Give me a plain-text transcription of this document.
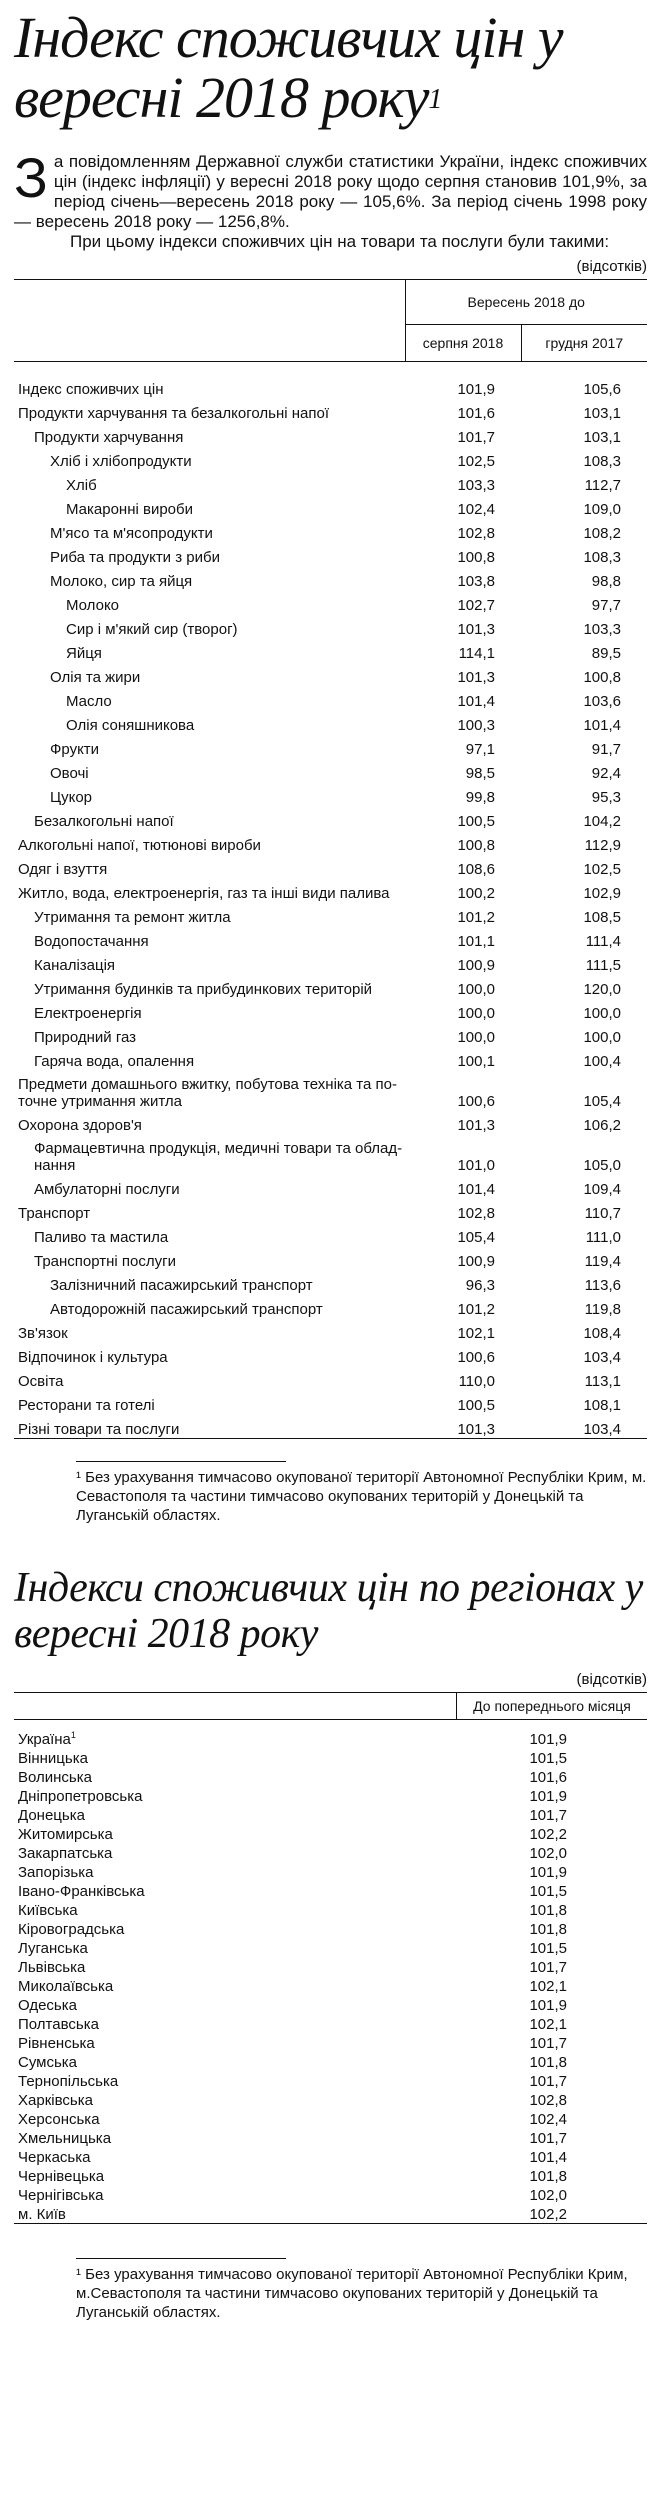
Індекс споживчих цін у вересні 2018 року$^1$

За повідомленням Державної служби статистики України, індекс споживчих цін (індекс інфляції) у вересні 2018 року щодо серпня становив 101,9%, за період січень—вересень 2018 року — 105,6%. За період січень 1998 року — вересень 2018 року — 1256,8%.

При цьому індекси споживчих цін на товари та послуги були такими:

(відсотків)
	Вересень 2018 до	
	серпня 2018	грудня 2017
Індекс споживчих цін	101,9	105,6
Продукти харчування та безалкогольні напої	101,6	103,1
Продукти харчування	101,7	103,1
Хліб і хлібопродукти	102,5	108,3
Хліб	103,3	112,7
Макаронні вироби	102,4	109,0
М'ясо та м'ясопродукти	102,8	108,2
Риба та продукти з риби	100,8	108,3
Молоко, сир та яйця	103,8	98,8
Молоко	102,7	97,7
Сир і м'який сир (творог)	101,3	103,3
Яйця	114,1	89,5
Олія та жири	101,3	100,8
Масло	101,4	103,6
Олія соняшникова	100,3	101,4
Фрукти	97,1	91,7
Овочі	98,5	92,4
Цукор	99,8	95,3
Безалкогольні напої	100,5	104,2
Алкогольні напої, тютюнові вироби	100,8	112,9
Одяг і взуття	108,6	102,5
Житло, вода, електроенергія, газ та інші види палива	100,2	102,9
Утримання та ремонт житла	101,2	108,5
Водопостачання	101,1	111,4
Каналізація	100,9	111,5
Утримання будинків та прибудинкових територій	100,0	120,0
Електроенергія	100,0	100,0
Природний газ	100,0	100,0
Гаряча вода, опалення	100,1	100,4
Предмети домашнього вжитку, побутова техніка та поточне утримання житла	100,6	105,4
Охорона здоров'я	101,3	106,2
Фармацевтична продукція, медичні товари та обладнання	101,0	105,0
Амбулаторні послуги	101,4	109,4
Транспорт	102,8	110,7
Паливо та мастила	105,4	111,0
Транспортні послуги	100,9	119,4
Залізничний пасажирський транспорт	96,3	113,6
Автодорожній пасажирський транспорт	101,2	119,8
Зв'язок	102,1	108,4
Відпочинок і культура	100,6	103,4
Освіта	110,0	113,1
Ресторани та готелі	100,5	108,1
Різні товари та послуги	101,3	103,4

¹ Без урахування тимчасово окупованої території Автономної Республіки Крим, м. Севастополя та частини тимчасово окупованих територій у Донецькій та Луганській областях.

Індекси споживчих цін по регіонах у вересні 2018 року
(відсотків)
	До попереднього місяця
Україна$^1$	101,9
Вінницька	101,5
Волинська	101,6
Дніпропетровська	101,9
Донецька	101,7
Житомирська	102,2
Закарпатська	102,0
Запорізька	101,9
Івано-Франківська	101,5
Київська	101,8
Кіровоградська	101,8
Луганська	101,5
Львівська	101,7
Миколаївська	102,1
Одеська	101,9
Полтавська	102,1
Рівненська	101,7
Сумська	101,8
Тернопільська	101,7
Харківська	102,8
Херсонська	102,4
Хмельницька	101,7
Черкаська	101,4
Чернівецька	101,8
Чернігівська	102,0
м. Київ	102,2

¹ Без урахування тимчасово окупованої території Автономної Республіки Крим, м.Севастополя та частини тимчасово окупованих територій у Донецькій та Луганській областях.
